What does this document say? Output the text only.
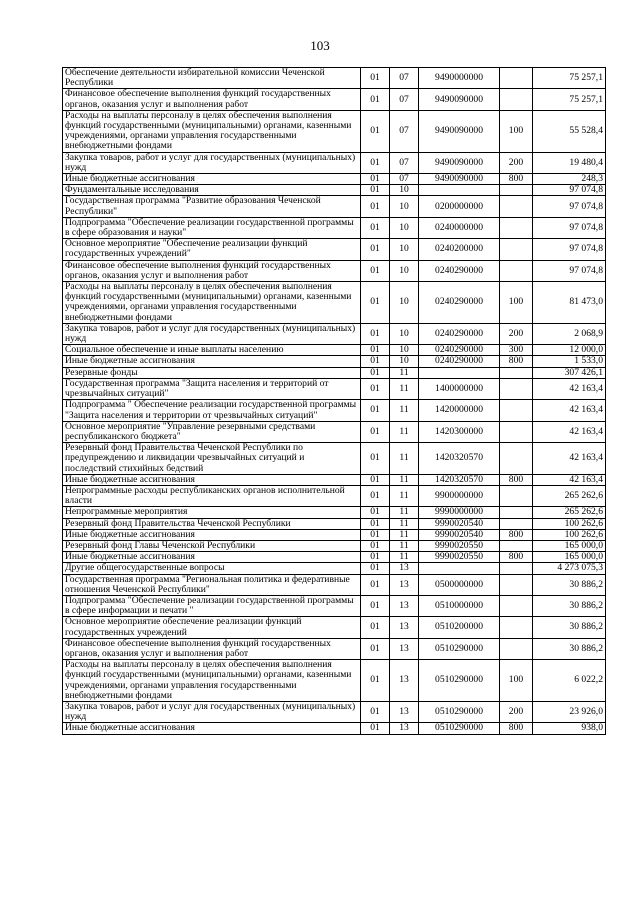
103
Обеспечение деятельности избирательной комиссии Чеченской Республики	01	07	9490000000		75 257,1
Финансовое обеспечение выполнения функций государственных органов, оказания услуг и выполнения работ	01	07	9490090000		75 257,1
Расходы на выплаты персоналу в целях обеспечения выполнения функций государственными (муниципальными) органами, казенными учреждениями, органами управления государственными внебюджетными фондами	01	07	9490090000	100	55 528,4
Закупка товаров, работ и услуг для государственных (муниципальных) нужд	01	07	9490090000	200	19 480,4
Иные бюджетные ассигнования	01	07	9490090000	800	248,3
Фундаментальные исследования	01	10			97 074,8
Государственная программа "Развитие образования Чеченской Республики"	01	10	0200000000		97 074,8
Подпрограмма "Обеспечение реализации государственной программы в сфере образования и науки"	01	10	0240000000		97 074,8
Основное мероприятие "Обеспечение реализации функций государственных учреждений"	01	10	0240200000		97 074,8
Финансовое обеспечение выполнения функций государственных органов, оказания услуг и выполнения работ	01	10	0240290000		97 074,8
Расходы на выплаты персоналу в целях обеспечения выполнения функций государственными (муниципальными) органами, казенными учреждениями, органами управления государственными внебюджетными фондами	01	10	0240290000	100	81 473,0
Закупка товаров, работ и услуг для государственных (муниципальных) нужд	01	10	0240290000	200	2 068,9
Социальное обеспечение и иные выплаты населению	01	10	0240290000	300	12 000,0
Иные бюджетные ассигнования	01	10	0240290000	800	1 533,0
Резервные фонды	01	11			307 426,1
Государственная программа "Защита населения и территорий от чрезвычайных ситуаций"	01	11	1400000000		42 163,4
Подпрограмма " Обеспечение реализации государственной программы "Защита населения и территории от чрезвычайных ситуаций"	01	11	1420000000		42 163,4
Основное мероприятие "Управление резервными средствами республиканского бюджета"	01	11	1420300000		42 163,4
Резервный фонд Правительства Чеченской Республики по предупреждению и ликвидации чрезвычайных ситуаций и последствий стихийных бедствий	01	11	1420320570		42 163,4
Иные бюджетные ассигнования	01	11	1420320570	800	42 163,4
Непрограммные расходы республиканских органов исполнительной власти	01	11	9900000000		265 262,6
Непрограммные мероприятия	01	11	9990000000		265 262,6
Резервный фонд Правительства Чеченской Республики	01	11	9990020540		100 262,6
Иные бюджетные ассигнования	01	11	9990020540	800	100 262,6
Резервный фонд Главы Чеченской Республики	01	11	9990020550		165 000,0
Иные бюджетные ассигнования	01	11	9990020550	800	165 000,0
Другие общегосударственные вопросы	01	13			4 273 075,3
Государственная программа "Региональная политика и федеративные отношения Чеченской Республики"	01	13	0500000000		30 886,2
Подпрограмма "Обеспечение реализации государственной программы в сфере информации и печати "	01	13	0510000000		30 886,2
Основное мероприятие обеспечение реализации функций государственных учреждений	01	13	0510200000		30 886,2
Финансовое обеспечение выполнения функций государственных органов, оказания услуг и выполнения работ	01	13	0510290000		30 886,2
Расходы на выплаты персоналу в целях обеспечения выполнения функций государственными (муниципальными) органами, казенными учреждениями, органами управления государственными внебюджетными фондами	01	13	0510290000	100	6 022,2
Закупка товаров, работ и услуг для государственных (муниципальных) нужд	01	13	0510290000	200	23 926,0
Иные бюджетные ассигнования	01	13	0510290000	800	938,0
